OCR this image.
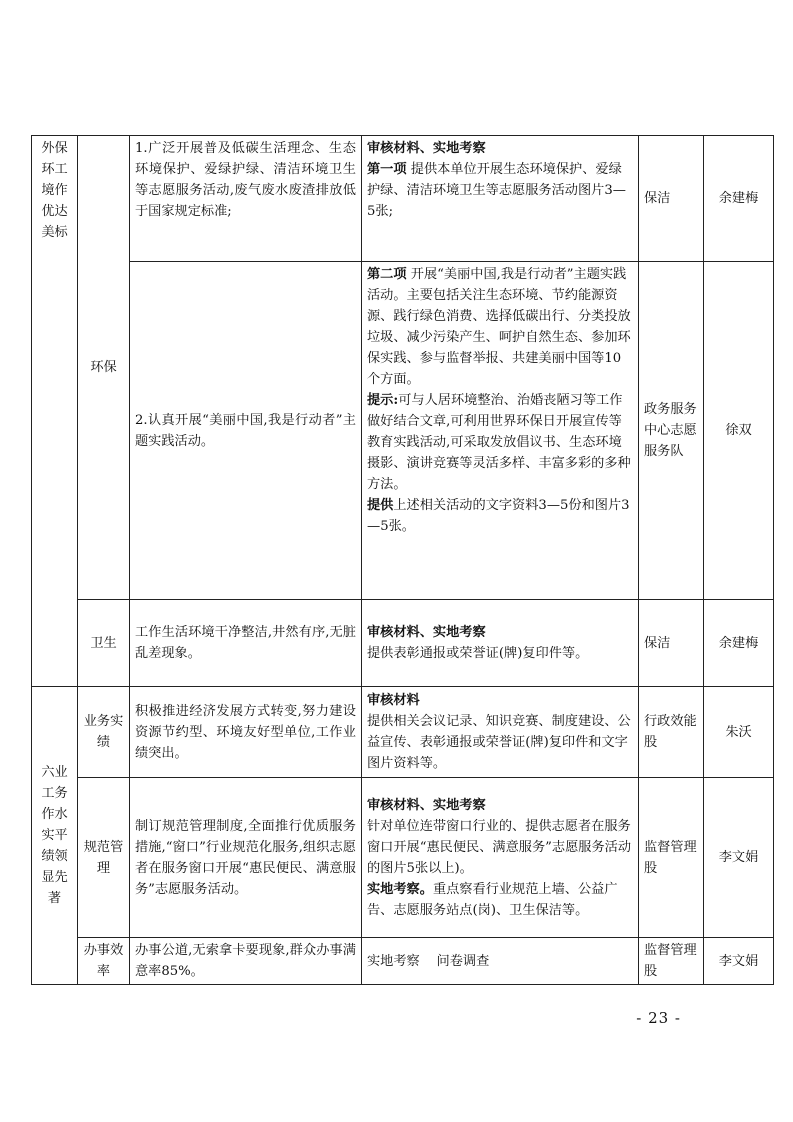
外保环工境作优达美标	环保	1.广泛开展普及低碳生活理念、生态环境保护、爱绿护绿、清洁环境卫生等志愿服务活动,废气废水废渣排放低于国家规定标准;	审核材料、实地考察
第一项 提供本单位开展生态环境保护、爱绿护绿、清洁环境卫生等志愿服务活动图片3—5张;	保洁	余建梅
		2.认真开展“美丽中国,我是行动者”主题实践活动。	第二项 开展“美丽中国,我是行动者”主题实践活动。主要包括关注生态环境、节约能源资源、践行绿色消费、选择低碳出行、分类投放垃圾、减少污染产生、呵护自然生态、参加环保实践、参与监督举报、共建美丽中国等10个方面。
提示:可与人居环境整治、治婚丧陋习等工作做好结合文章,可利用世界环保日开展宣传等教育实践活动,可采取发放倡议书、生态环境摄影、演讲竞赛等灵活多样、丰富多彩的多种方法。
提供上述相关活动的文字资料3—5份和图片3—5张。	政务服务中心志愿服务队	徐双
	卫生	工作生活环境干净整洁,井然有序,无脏乱差现象。	审核材料、实地考察
提供表彰通报或荣誉证(牌)复印件等。	保洁	余建梅
六业工务作水实平绩领显先著	业务实绩	积极推进经济发展方式转变,努力建设资源节约型、环境友好型单位,工作业绩突出。	审核材料
提供相关会议记录、知识竞赛、制度建设、公益宣传、表彰通报或荣誉证(牌)复印件和文字图片资料等。	行政效能股	朱沃
	规范管理	制订规范管理制度,全面推行优质服务措施,“窗口”行业规范化服务,组织志愿者在服务窗口开展“惠民便民、满意服务”志愿服务活动。	审核材料、实地考察
针对单位连带窗口行业的、提供志愿者在服务窗口开展“惠民便民、满意服务”志愿服务活动的图片5张以上)。
实地考察。重点察看行业规范上墙、公益广告、志愿服务站点(岗)、卫生保洁等。	监督管理股	李文娟
	办事效率	办事公道,无索拿卡要现象,群众办事满意率85%。	实地考察    问卷调查	监督管理股	李文娟
- 23 -
